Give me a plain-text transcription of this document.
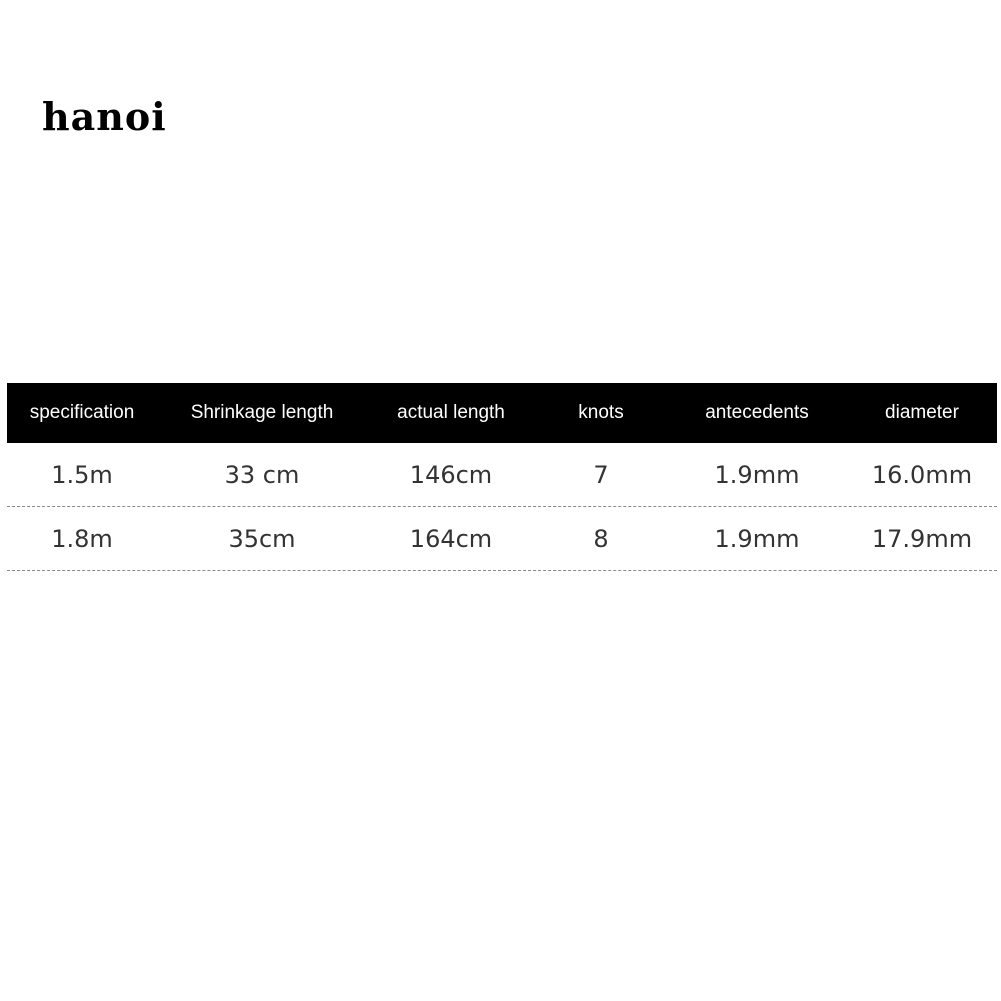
hanoi
specification	Shrinkage length	actual length	knots	antecedents	diameter
1.5m	33 cm	146cm	7	1.9mm	16.0mm
1.8m	35cm	164cm	8	1.9mm	17.9mm
